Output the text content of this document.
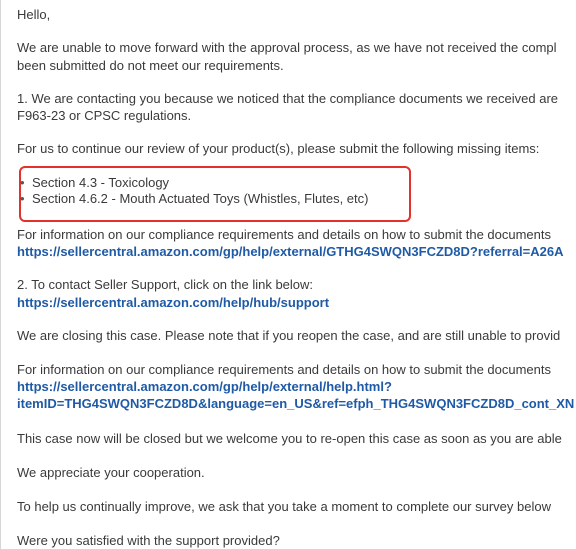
Hello,
We are unable to move forward with the approval process, as we have not received the compl
been submitted do not meet our requirements.
1. We are contacting you because we noticed that the compliance documents we received are
F963-23 or CPSC regulations.
For us to continue our review of your product(s), please submit the following missing items:
• Section 4.3 - Toxicology
• Section 4.6.2 - Mouth Actuated Toys (Whistles, Flutes, etc)
For information on our compliance requirements and details on how to submit the documents
https://sellercentral.amazon.com/gp/help/external/GTHG4SWQN3FCZD8D?referral=A26A
2. To contact Seller Support, click on the link below:
https://sellercentral.amazon.com/help/hub/support
We are closing this case. Please note that if you reopen the case, and are still unable to provid
For information on our compliance requirements and details on how to submit the documents
https://sellercentral.amazon.com/gp/help/external/help.html?
itemID=THG4SWQN3FCZD8D&language=en_US&ref=efph_THG4SWQN3FCZD8D_cont_XN
This case now will be closed but we welcome you to re-open this case as soon as you are able
We appreciate your cooperation.
To help us continually improve, we ask that you take a moment to complete our survey below
Were you satisfied with the support provided?
